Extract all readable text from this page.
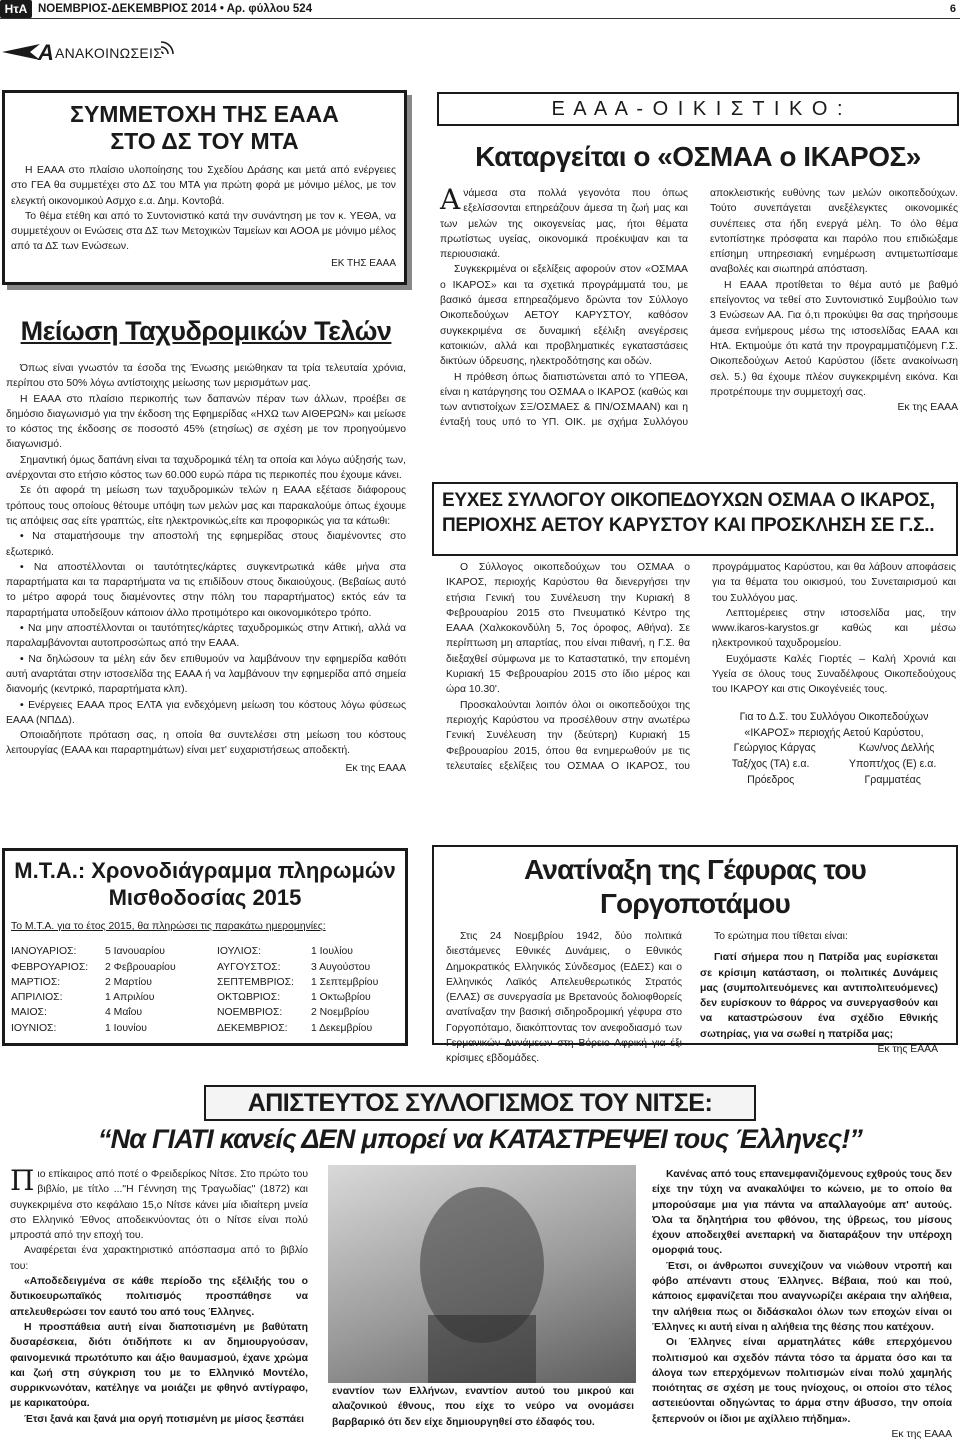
ΗτΑ ΝΟΕΜΒΡΙΟΣ-ΔΕΚΕΜΒΡΙΟΣ 2014 • Αρ. φύλλου 524	6
Α ΑΝΑΚΟΙΝΩΣΕΙΣ
ΣΥΜΜΕΤΟΧΗ ΤΗΣ ΕΑΑΑ
ΣΤΟ ΔΣ ΤΟΥ ΜΤΑ

Η ΕΑΑΑ στο πλαίσιο υλοποίησης του Σχεδίου Δράσης και μετά από ενέργειες στο ΓΕΑ θα συμμετέχει στο ΔΣ του ΜΤΑ για πρώτη φορά με μόνιμο μέλος, με τον ελεγκτή οικονομικού Ασμχο ε.α. Δημ. Κοντοβά.

Το θέμα ετέθη και από το Συντονιστικό κατά την συνάντηση με τον κ. ΥΕΘΑ, να συμμετέχουν οι Ενώσεις στα ΔΣ των Μετοχικών Ταμείων και ΑΟΟΑ με μόνιμο μέλος από τα ΔΣ των Ενώσεων.

ΕΚ ΤΗΣ ΕΑΑΑ

Μείωση Ταχυδρομικών Τελών

Όπως είναι γνωστόν τα έσοδα της Ένωσης μειώθηκαν τα τρία τελευταία χρόνια, περίπου στο 50% λόγω αντίστοιχης μείωσης των μερισμάτων μας.

Η ΕΑΑΑ στο πλαίσιο περικοπής των δαπανών πέραν των άλλων, προέβει σε δημόσιο διαγωνισμό για την έκδοση της Εφημερίδας «ΗΧΩ των ΑΙΘΕΡΩΝ» και μείωσε το κόστος της έκδοσης σε ποσοστό 45% (ετησίως) σε σχέση με τον προηγούμενο διαγωνισμό.

Σημαντική όμως δαπάνη είναι τα ταχυδρομικά τέλη τα οποία και λόγω αύξησής των, ανέρχονται στο ετήσιο κόστος των 60.000 ευρώ πάρα τις περικοπές που έχουμε κάνει.

Σε ότι αφορά τη μείωση των ταχυδρομικών τελών η ΕΑΑΑ εξέτασε διάφορους τρόπους τους οποίους θέτουμε υπόψη των μελών μας και παρακαλούμε όπως έχουμε τις απόψεις σας είτε γραπτώς, είτε ηλεκτρονικώς,είτε και προφορικώς για τα κάτωθι:

• Να σταματήσουμε την αποστολή της εφημερίδας στους διαμένοντες στο εξωτερικό.

• Να αποστέλλονται οι ταυτότητες/κάρτες συγκεντρωτικά κάθε μήνα στα παραρτήματα και τα παραρτήματα να τις επιδίδουν στους δικαιούχους. (Βεβαίως αυτό το μέτρο αφορά τους διαμένοντες στην πόλη του παραρτήματος) εκτός εάν τα παραρτήματα υποδείξουν κάποιον άλλο προτιμότερο και οικονομικότερο τρόπο.

• Να μην αποστέλλονται οι ταυτότητες/κάρτες ταχυδρομικώς στην Αττική, αλλά να παραλαμβάνονται αυτοπροσώπως από την ΕΑΑΑ.

• Να δηλώσουν τα μέλη εάν δεν επιθυμούν να λαμβάνουν την εφημερίδα καθότι αυτή αναρτάται στην ιστοσελίδα της ΕΑΑΑ ή να λαμβάνουν την εφημερίδα από σημεία διανομής (κεντρικό, παραρτήματα κλπ).

• Ενέργειες ΕΑΑΑ προς ΕΛΤΑ για ενδεχόμενη μείωση του κόστους λόγω φύσεως ΕΑΑΑ (ΝΠΔΔ).

Οποιαδήποτε πρόταση σας, η οποία θα συντελέσει στη μείωση του κόστους λειτουργίας (ΕΑΑΑ και παραρτημάτων) είναι μετ' ευχαριστήσεως αποδεκτή.

Εκ της ΕΑΑΑ

Ε Α Α Α - Ο Ι Κ Ι Σ Τ Ι Κ Ο :
Καταργείται ο «ΟΣΜΑΑ ο ΙΚΑΡΟΣ»

Ανάμεσα στα πολλά γεγονότα που όπως εξελίσσονται επηρεάζουν άμεσα τη ζωή μας και των μελών της οικογενείας μας, ήτοι θέματα πρωτίστως υγείας, οικονομικά προέκυψαν και τα περιουσιακά.

Συγκεκριμένα οι εξελίξεις αφορούν στον «ΟΣΜΑΑ ο ΙΚΑΡΟΣ» και τα σχετικά προγράμματά του, με βασικό άμεσα επηρεαζόμενο δρώντα τον Σύλλογο Οικοπεδούχων ΑΕΤΟΥ ΚΑΡΥΣΤΟΥ, καθόσον συγκεκριμένα σε δυναμική εξέλιξη ανεγέρσεις κατοικιών, αλλά και προβληματικές εγκαταστάσεις δικτύων ύδρευσης, ηλεκτροδότησης και οδών.

Η πρόθεση όπως διαπιστώνεται από το ΥΠΕΘΑ, είναι η κατάργησης του ΟΣΜΑΑ ο ΙΚΑΡΟΣ (καθώς και των αντιστοίχων ΣΞ/ΟΣΜΑΕΣ & ΠΝ/ΟΣΜΑΑΝ) και η ένταξή τους υπό το ΥΠ. ΟΙΚ. με σχήμα Συλλόγου αποκλειστικής ευθύνης των μελών οικοπεδούχων. Τούτο συνεπάγεται ανεξέλεγκτες οικονομικές συνέπειες στα ήδη ενεργά μέλη. Το όλο θέμα εντοπίστηκε πρόσφατα και παρόλο που επιδιώξαμε επίσημη υπηρεσιακή ενημέρωση αντιμετωπίσαμε αναβολές και σιωπηρά απόσταση.

Η ΕΑΑΑ προτίθεται το θέμα αυτό με βαθμό επείγοντος να τεθεί στο Συντονιστικό Συμβούλιο των 3 Ενώσεων ΑΑ. Για ό,τι προκύψει θα σας τηρήσουμε άμεσα ενήμερους μέσω της ιστοσελίδας ΕΑΑΑ και ΗτΑ. Εκτιμούμε ότι κατά την προγραμματιζόμενη Γ.Σ. Οικοπεδούχων Αετού Καρύστου (ίδετε ανακοίνωση σελ. 5.) θα έχουμε πλέον συγκεκριμένη εικόνα. Και προτρέπουμε την συμμετοχή σας.

Εκ της ΕΑΑΑ

ΕΥΧΕΣ ΣΥΛΛΟΓΟΥ ΟΙΚΟΠΕΔΟΥΧΩΝ ΟΣΜΑΑ Ο ΙΚΑΡΟΣ, ΠΕΡΙΟΧΗΣ ΑΕΤΟΥ ΚΑΡΥΣΤΟΥ ΚΑΙ ΠΡΟΣΚΛΗΣΗ ΣΕ Γ.Σ..

Ο Σύλλογος οικοπεδούχων του ΟΣΜΑΑ ο ΙΚΑΡΟΣ, περιοχής Καρύστου θα διενεργήσει την ετήσια Γενική του Συνέλευση την Κυριακή 8 Φεβρουαρίου 2015 στο Πνευματικό Κέντρο της ΕΑΑΑ (Χαλκοκονδύλη 5, 7ος όροφος, Αθήνα). Σε περίπτωση μη απαρτίας, που είναι πιθανή, η Γ.Σ. θα διεξαχθεί σύμφωνα με το Καταστατικό, την επομένη Κυριακή 15 Φεβρουαρίου 2015 στο ίδιο μέρος και ώρα 10.30'.

Προσκαλούνται λοιπόν όλοι οι οικοπεδούχοι της περιοχής Καρύστου να προσέλθουν στην ανωτέρω Γενική Συνέλευση την (δεύτερη) Κυριακή 15 Φεβρουαρίου 2015, όπου θα ενημερωθούν με τις τελευταίες εξελίξεις του ΟΣΜΑΑ Ο ΙΚΑΡΟΣ, του προγράμματος Καρύστου, και θα λάβουν αποφάσεις για τα θέματα του οικισμού, του Συνεταιρισμού και του Συλλόγου μας.

Λεπτομέρειες στην ιστοσελίδα μας, την www.ikaros-karystos.gr καθώς και μέσω ηλεκτρονικού ταχυδρομείου.

Ευχόμαστε Καλές Γιορτές – Καλή Χρονιά και Υγεία σε όλους τους Συναδέλφους Οικοπεδούχους του ΙΚΑΡΟΥ και στις Οικογένειές τους.

Για το Δ.Σ. του Συλλόγου Οικοπεδούχων
«ΙΚΑΡΟΣ» περιοχής Αετού Καρύστου,
Γεώργιος Κάργας	Κων/νος Δελλής
Ταξ/χος (ΤΑ) ε.α.	Υποπτ/χος (Ε) ε.α.
Πρόεδρος	Γραμματέας
Μ.Τ.Α.: Χρονοδιάγραμμα πληρωμών
Μισθοδοσίας 2015
Το Μ.Τ.Α. για το έτος 2015, θα πληρώσει τις παρακάτω ημερομηνίες:
ΙΑΝΟΥΑΡΙΟΣ:	5 Ιανουαρίου
ΦΕΒΡΟΥΑΡΙΟΣ:	2 Φεβρουαρίου
ΜΑΡΤΙΟΣ:	2 Μαρτίου
ΑΠΡΙΛΙΟΣ:	1 Απριλίου
ΜΑΙΟΣ:	4 Μαΐου
ΙΟΥΝΙΟΣ:	1 Ιουνίου
ΙΟΥΛΙΟΣ:	1 Ιουλίου
ΑΥΓΟΥΣΤΟΣ:	3 Αυγούστου
ΣΕΠΤΕΜΒΡΙΟΣ:	1 Σεπτεμβρίου
ΟΚΤΩΒΡΙΟΣ:	1 Οκτωβρίου
ΝΟΕΜΒΡΙΟΣ:	2 Νοεμβρίου
ΔΕΚΕΜΒΡΙΟΣ:	1 Δεκεμβρίου
Ανατίναξη της Γέφυρας του Γοργοποτάμου

Στις 24 Νοεμβρίου 1942, δύο πολιτικά διεστάμενες Εθνικές Δυνάμεις, ο Εθνικός Δημοκρατικός Ελληνικός Σύνδεσμος (ΕΔΕΣ) και ο Ελληνικός Λαϊκός Απελευθερωτικός Στρατός (ΕΛΑΣ) σε συνεργασία με Βρετανούς δολιοφθορείς ανατίναξαν την βασική σιδηροδρομική γέφυρα στο Γοργοπόταμο, διακόπτοντας τον ανεφοδιασμό των Γερμανικών Δυνάμεων στη Βόρειο Αφρική για έξι κρίσιμες εβδομάδες.

Το ερώτημα που τίθεται είναι:

Γιατί σήμερα που η Πατρίδα μας ευρίσκεται σε κρίσιμη κατάσταση, οι πολιτικές Δυνάμεις μας (συμπολιτευόμενες και αντιπολιτευόμενες) δεν ευρίσκουν το θάρρος να συνεργασθούν και να καταστρώσουν ένα σχέδιο Εθνικής σωτηρίας, για να σωθεί η πατρίδα μας;

Εκ της ΕΑΑΑ

ΑΠΙΣΤΕΥΤΟΣ ΣΥΛΛΟΓΙΣΜΟΣ ΤΟΥ ΝΙΤΣΕ:
“Να ΓΙΑΤΙ κανείς ΔΕΝ μπορεί να ΚΑΤΑΣΤΡΕΨΕΙ τους Έλληνες!”

Πιο επίκαιρος από ποτέ ο Φρειδερίκος Νίτσε. Στο πρώτο του βιβλίο, με τίτλο ..."Η Γέννηση της Τραγωδίας" (1872) και συγκεκριμένα στο κεφάλαιο 15,ο Νίτσε κάνει μία ιδιαίτερη μνεία στο Ελληνικό Έθνος αποδεικνύοντας ότι ο Νίτσε είναι πολύ μπροστά από την εποχή του.

Αναφέρεται ένα χαρακτηριστικό απόσπασμα από το βιβλίο του:

«Αποδεδειγμένα σε κάθε περίοδο της εξέλιξής του ο δυτικοευρωπαϊκός πολιτισμός προσπάθησε να απελευθερώσει τον εαυτό του από τους Έλληνες.

Η προσπάθεια αυτή είναι διαποτισμένη με βαθύτατη δυσαρέσκεια, διότι ότιδήποτε κι αν δημιουργούσαν, φαινομενικά πρωτότυπο και άξιο θαυμασμού, έχανε χρώμα και ζωή στη σύγκριση του με το Ελληνικό Μοντέλο, συρρικνωνόταν, κατέληγε να μοιάζει με φθηνό αντίγραφο, με καρικατούρα.

Έτσι ξανά και ξανά μια οργή ποτισμένη με μίσος ξεσπάει

εναντίον των Ελλήνων, εναντίον αυτού του μικρού και αλαζονικού έθνους, που είχε το νεύρο να ονομάσει βαρβαρικό ότι δεν είχε δημιουργηθεί στο έδαφός του.

Κανένας από τους επανεμφανιζόμενους εχθρούς τους δεν είχε την τύχη να ανακαλύψει το κώνειο, με το οποίο θα μπορούσαμε μια για πάντα να απαλλαγούμε απ' αυτούς. Όλα τα δηλητήρια του φθόνου, της ύβρεως, του μίσους έχουν αποδειχθεί ανεπαρκή να διαταράξουν την υπέροχη ομορφιά τους.

Έτσι, οι άνθρωποι συνεχίζουν να νιώθουν ντροπή και φόβο απέναντι στους Έλληνες. Βέβαια, πού και πού, κάποιος εμφανίζεται που αναγνωρίζει ακέραια την αλήθεια, την αλήθεια πως οι διδάσκαλοι όλων των εποχών είναι οι Έλληνες κι αυτή είναι η αλήθεια της θέσης που κατέχουν.

Οι Έλληνες είναι αρματηλάτες κάθε επερχόμενου πολιτισμού και σχεδόν πάντα τόσο τα άρματα όσο και τα άλογα των επερχόμενων πολιτισμών είναι πολύ χαμηλής ποιότητας σε σχέση με τους ηνίοχους, οι οποίοι στο τέλος αστειεύονται οδηγώντας το άρμα στην άβυσσο, την οποία ξεπερνούν οι ίδιοι με αχίλλειο πήδημα».

Εκ της ΕΑΑΑ
